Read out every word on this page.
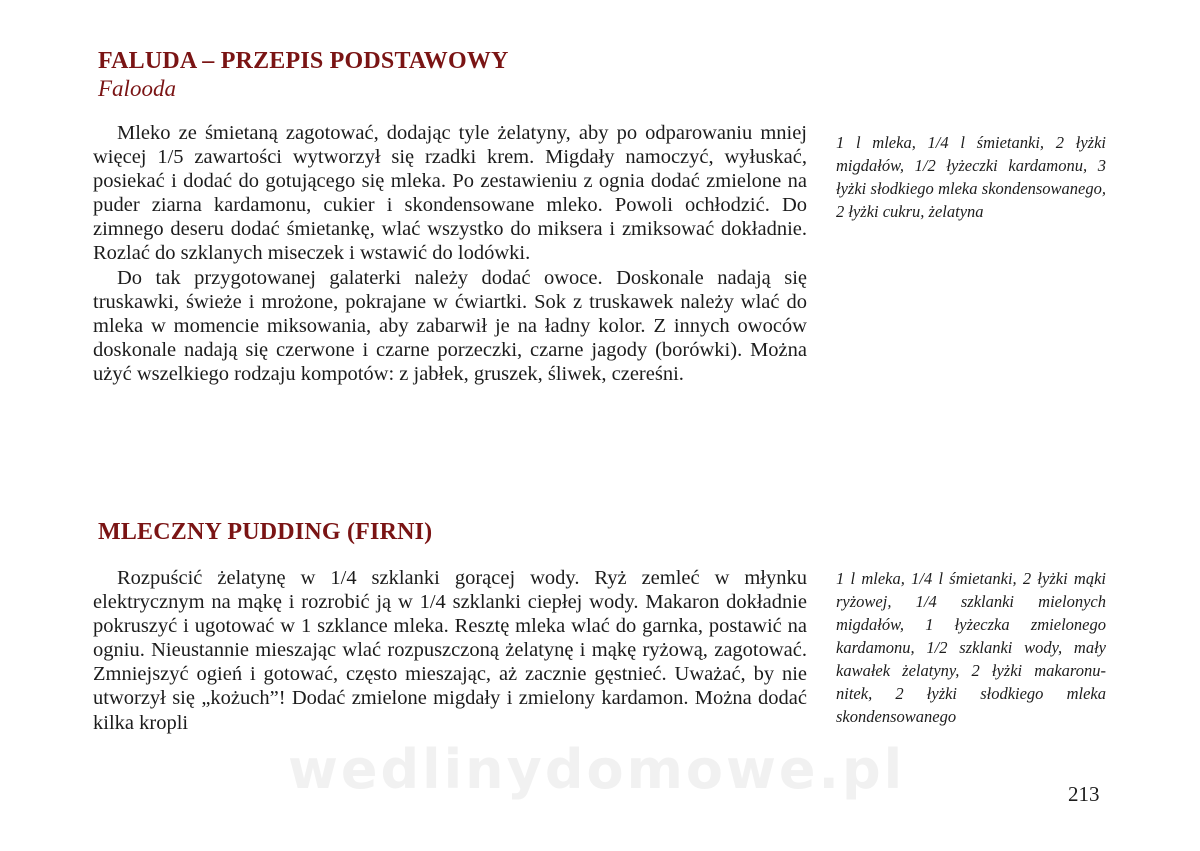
FALUDA – PRZEPIS PODSTAWOWY
Falooda

Mleko ze śmietaną zagotować, dodając tyle żelatyny, aby po odparowaniu mniej więcej 1/5 zawartości wytworzył się rzadki krem. Migdały namoczyć, wyłuskać, posiekać i dodać do gotującego się mleka. Po zestawieniu z ognia dodać zmielone na puder ziarna kardamonu, cukier i skondensowane mleko. Powoli ochłodzić. Do zimnego deseru dodać śmietankę, wlać wszystko do miksera i zmiksować dokładnie. Rozlać do szklanych miseczek i wstawić do lodówki.

Do tak przygotowanej galaterki należy dodać owoce. Doskonale nadają się truskawki, świeże i mrożone, pokrajane w ćwiartki. Sok z truskawek należy wlać do mleka w momencie miksowania, aby zabarwił je na ładny kolor. Z innych owoców doskonale nadają się czerwone i czarne porzeczki, czarne jagody (borówki). Można użyć wszelkiego rodzaju kompotów: z jabłek, gruszek, śliwek, czereśni.

1 l mleka, 1/4 l śmietanki, 2 łyżki migdałów, 1/2 łyżeczki kardamonu, 3 łyżki słodkiego mleka skondensowanego, 2 łyżki cukru, żelatyna
MLECZNY PUDDING (FIRNI)

Rozpuścić żelatynę w 1/4 szklanki gorącej wody. Ryż zemleć w młynku elektrycznym na mąkę i rozrobić ją w 1/4 szklanki ciepłej wody. Makaron dokładnie pokruszyć i ugotować w 1 szklance mleka. Resztę mleka wlać do garnka, postawić na ogniu. Nieustannie mieszając wlać rozpuszczoną żelatynę i mąkę ryżową, zagotować. Zmniejszyć ogień i gotować, często mieszając, aż zacznie gęstnieć. Uważać, by nie utworzył się „kożuch”! Dodać zmielone migdały i zmielony kardamon. Można dodać kilka kropli

1 l mleka, 1/4 l śmietanki, 2 łyżki mąki ryżowej, 1/4 szklanki mielonych migdałów, 1 łyżeczka zmielonego kardamonu, 1/2 szklanki wody, mały kawałek żelatyny, 2 łyżki makaronu-nitek, 2 łyżki słodkiego mleka skondensowanego
wedlinydomowe.pl	213
